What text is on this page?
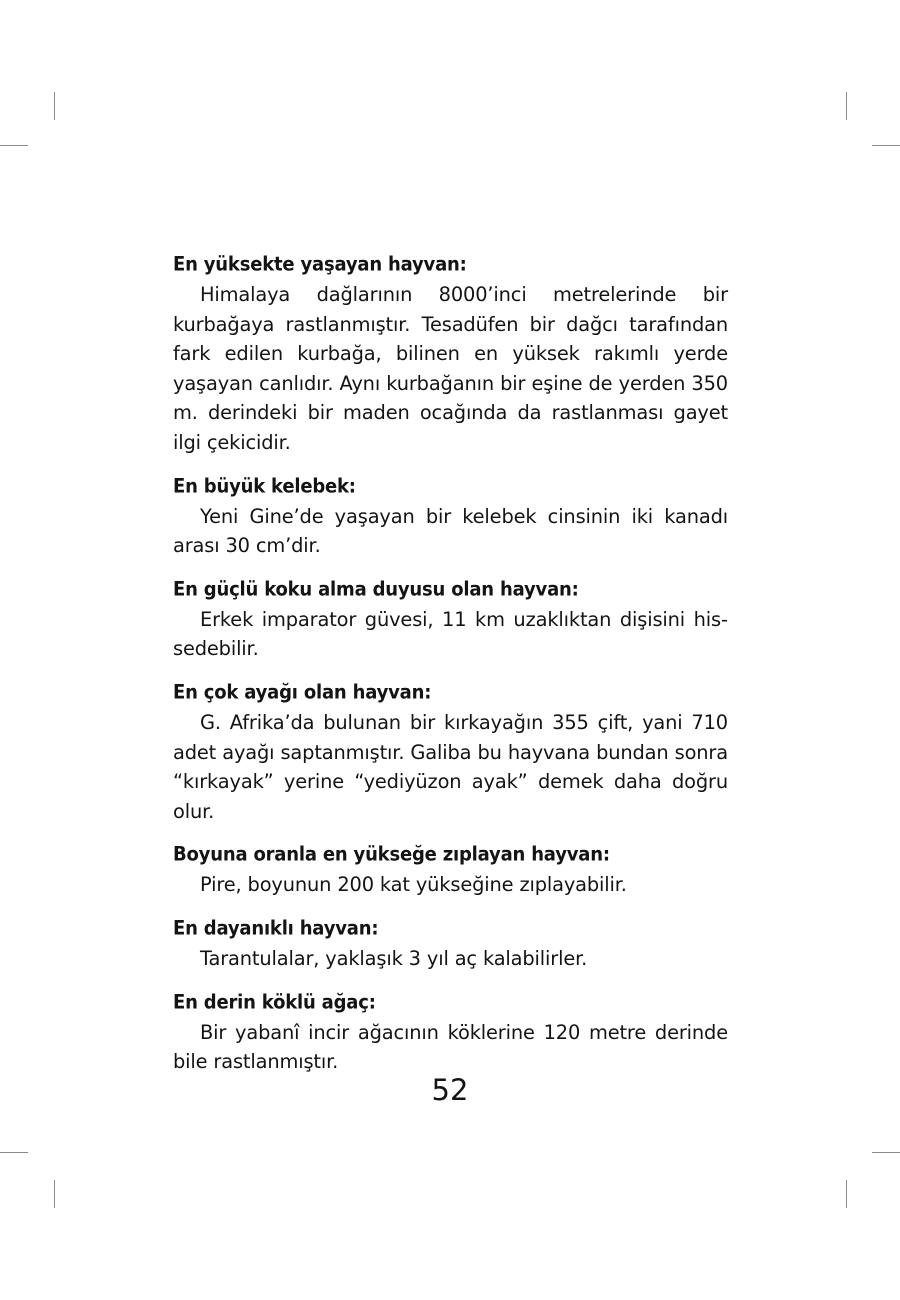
En yüksekte yaşayan hayvan:

Himalaya dağlarının 8000’inci metrelerinde bir kurbağaya rastlanmıştır. Tesadüfen bir dağcı tarafından fark edilen kurbağa, bilinen en yüksek rakımlı yerde yaşayan canlıdır. Aynı kurbağanın bir eşine de yerden 350 m. derindeki bir maden ocağında da rastlanması gayet ilgi çekicidir.

En büyük kelebek:

Yeni Gine’de yaşayan bir kelebek cinsinin iki kanadı arası 30 cm’dir.

En güçlü koku alma duyusu olan hayvan:

Erkek imparator güvesi, 11 km uzaklıktan dişisini hissedebilir.

En çok ayağı olan hayvan:

G. Afrika’da bulunan bir kırkayağın 355 çift, yani 710 adet ayağı saptanmıştır. Galiba bu hayvana bundan sonra “kırkayak” yerine “yediyüzon ayak” demek daha doğru olur.

Boyuna oranla en yükseğe zıplayan hayvan:

Pire, boyunun 200 kat yükseğine zıplayabilir.

En dayanıklı hayvan:

Tarantulalar, yaklaşık 3 yıl aç kalabilirler.

En derin köklü ağaç:

Bir yabanî incir ağacının köklerine 120 metre derinde bile rastlanmıştır.

52
